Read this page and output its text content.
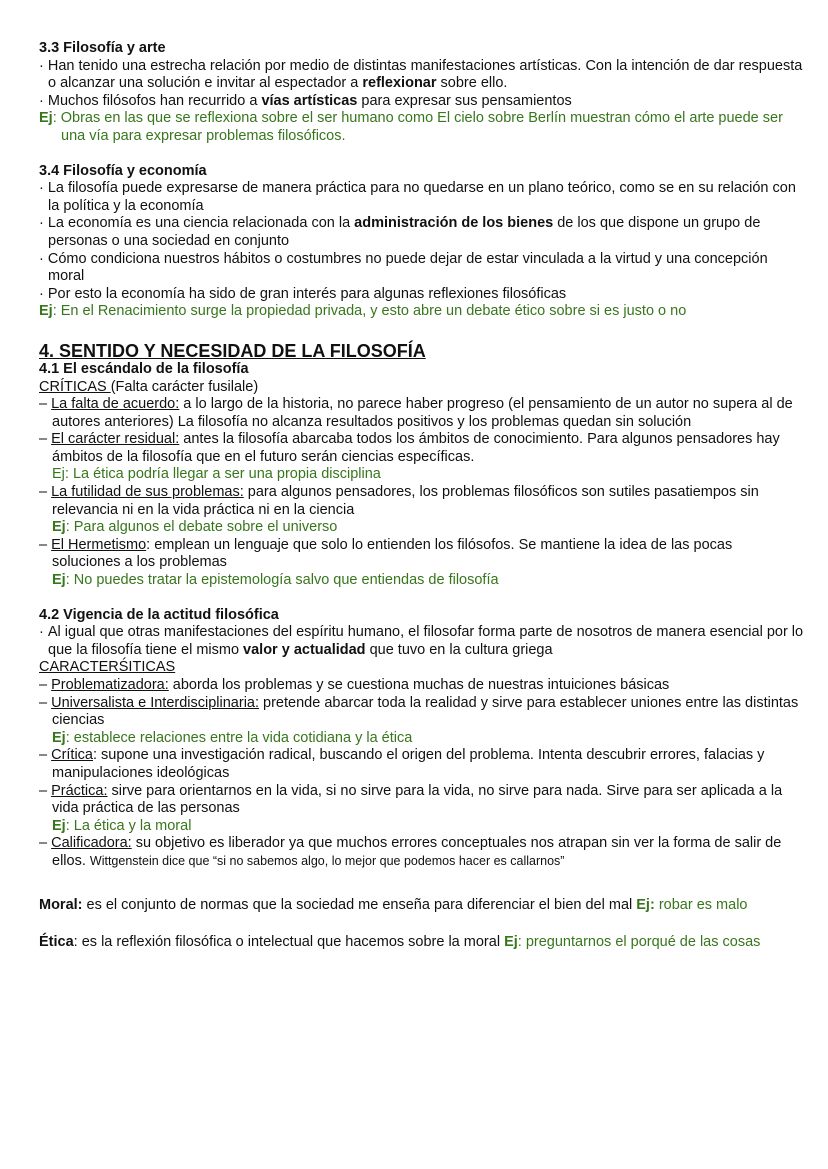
3.3 Filosofía y arte
· Han tenido una estrecha relación por medio de distintas manifestaciones artísticas. Con la intención de dar respuesta o alcanzar una solución e invitar al espectador a reflexionar sobre ello.
· Muchos filósofos han recurrido a vías artísticas para expresar sus pensamientos
Ej: Obras en las que se reflexiona sobre el ser humano como El cielo sobre Berlín muestran cómo el arte puede ser una vía para expresar problemas filosóficos.
3.4 Filosofía y economía
· La filosofía puede expresarse de manera práctica para no quedarse en un plano teórico, como se en su relación con la política y la economía
· La economía es una ciencia relacionada con la administración de los bienes de los que dispone un grupo de personas o una sociedad en conjunto
· Cómo condiciona nuestros hábitos o costumbres no puede dejar de estar vinculada a la virtud y una concepción moral
· Por esto la economía ha sido de gran interés para algunas reflexiones filosóficas
Ej: En el Renacimiento surge la propiedad privada, y esto abre un debate ético sobre si es justo o no
4. SENTIDO Y NECESIDAD DE LA FILOSOFÍA
4.1 El escándalo de la filosofía
CRÍTICAS (Falta carácter fusilale)
– La falta de acuerdo: a lo largo de la historia, no parece haber progreso (el pensamiento de un autor no supera al de autores anteriores) La filosofía no alcanza resultados positivos y los problemas quedan sin solución
– El carácter residual: antes la filosofía abarcaba todos los ámbitos de conocimiento. Para algunos pensadores hay ámbitos de la filosofía que en el futuro serán ciencias específicas.
Ej: La ética podría llegar a ser una propia disciplina
– La futilidad de sus problemas: para algunos pensadores, los problemas filosóficos son sutiles pasatiempos sin relevancia ni en la vida práctica ni en la ciencia
Ej: Para algunos el debate sobre el universo
– El Hermetismo: emplean un lenguaje que solo lo entienden los filósofos. Se mantiene la idea de las pocas soluciones a los problemas
Ej: No puedes tratar la epistemología salvo que entiendas de filosofía
4.2 Vigencia de la actitud filosófica
· Al igual que otras manifestaciones del espíritu humano, el filosofar forma parte de nosotros de manera esencial por lo que la filosofía tiene el mismo valor y actualidad que tuvo en la cultura griega
CARACTERŚITICAS
– Problematizadora: aborda los problemas y se cuestiona muchas de nuestras intuiciones básicas
– Universalista e Interdisciplinaria: pretende abarcar toda la realidad y sirve para establecer uniones entre las distintas ciencias
Ej: establece relaciones entre la vida cotidiana y la ética
– Crítica: supone una investigación radical, buscando el origen del problema. Intenta descubrir errores, falacias y manipulaciones ideológicas
– Práctica: sirve para orientarnos en la vida, si no sirve para la vida, no sirve para nada. Sirve para ser aplicada a la vida práctica de las personas
Ej: La ética y la moral
– Calificadora: su objetivo es liberador ya que muchos errores conceptuales nos atrapan sin ver la forma de salir de ellos. Wittgenstein dice que “si no sabemos algo, lo mejor que podemos hacer es callarnos”
Moral: es el conjunto de normas que la sociedad me enseña para diferenciar el bien del mal Ej: robar es malo
Ética: es la reflexión filosófica o intelectual que hacemos sobre la moral Ej: preguntarnos el porqué de las cosas
